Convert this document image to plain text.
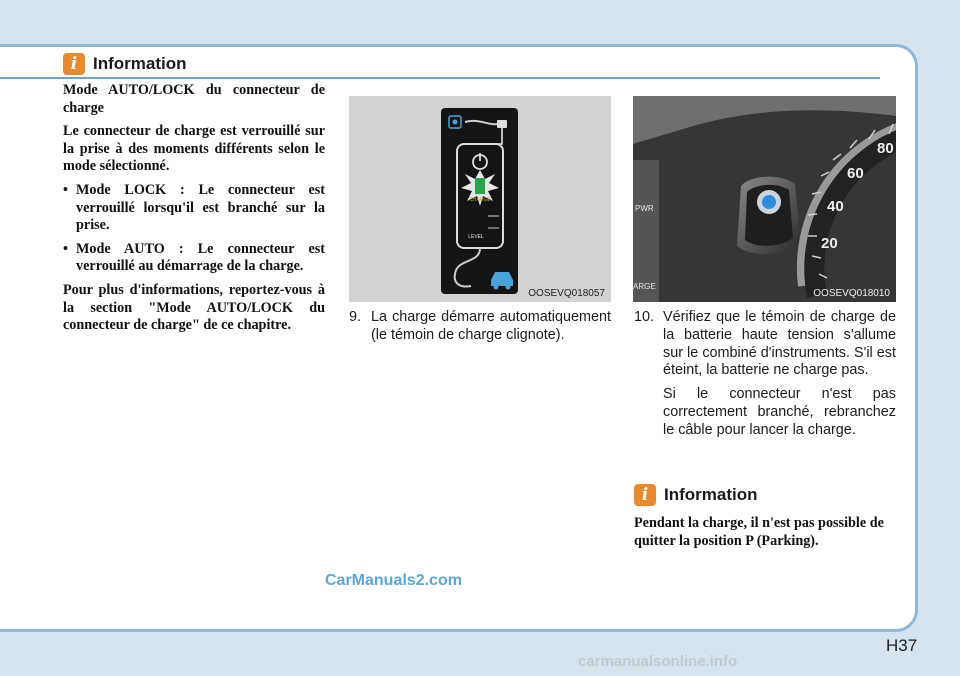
i Information

Mode AUTO/LOCK du connecteur de charge

Le connecteur de charge est verrouillé sur la prise à des moments différents selon le mode sélectionné.

• Mode LOCK : Le connecteur est verrouillé lorsqu'il est branché sur la prise.
• Mode AUTO : Le connecteur est verrouillé au démarrage de la charge.

Pour plus d'informations, reportez-vous à la section "Mode AUTO/LOCK du connecteur de charge" de ce chapitre.

CHARGE
LEVEL
OOSEVQ018057
PWR
ARGE
80
60
40
20
OOSEVQ018010
9. La charge démarre automatiquement (le témoin de charge clignote).
10. Vérifiez que le témoin de charge de la batterie haute tension s'allume sur le combiné d'instruments. S'il est éteint, la batterie ne charge pas.

Si le connecteur n'est pas correctement branché, rebranchez le câble pour lancer la charge.

i Information

Pendant la charge, il n'est pas possible de quitter la position P (Parking).

CarManuals2.com
H37
carmanualsonline.info
